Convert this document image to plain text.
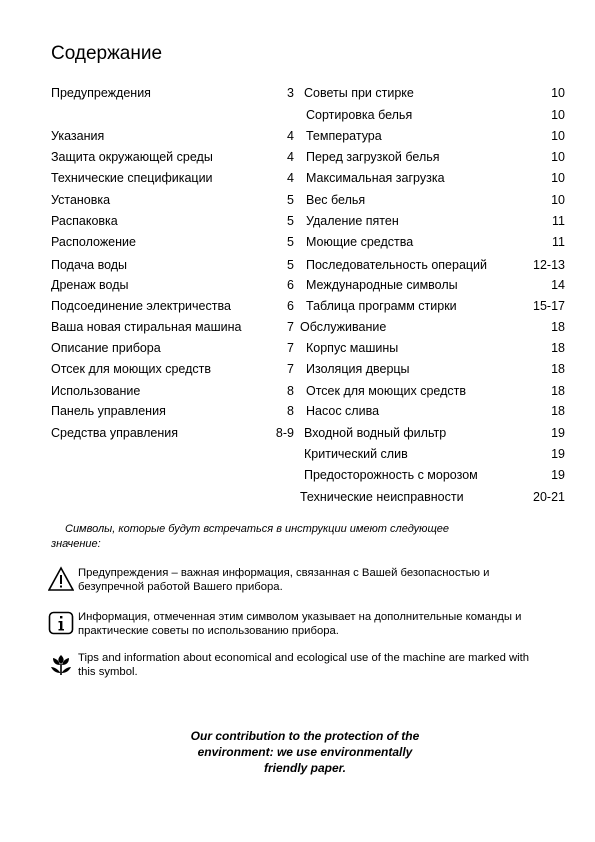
Содержание
Предупреждения	3
Указания	4
Защита окружающей среды	4
Технические спецификации	4
Установка	5
Распаковка	5
Расположение	5
Подача воды	5
Дренаж воды	6
Подсоединение электричества	6
Ваша новая стиральная машина	7
Описание прибора	7
Отсек для моющих средств	7
Использование	8
Панель управления	8
Средства управления	8-9
Советы при стирке	10
Сортировка белья	10
Температура	10
Перед загрузкой белья	10
Максимальная загрузка	10
Вес белья	10
Удаление пятен	11
Моющие средства	11
Последовательность операций	12-13
Международные символы	14
Таблица программ стирки	15-17
Обслуживание	18
Корпус машины	18
Изоляция дверцы	18
Отсек для моющих средств	18
Насос слива	18
Входной водный фильтр	19
Критический слив	19
Предосторожность с морозом	19
Технические неисправности	20-21
Символы, которые будут встречаться в инструкции имеют следующее
значение:
Предупреждения – важная информация, связанная с Вашей безопасностью и
безупречной работой Вашего прибора.
Информация, отмеченная этим символом указывает на дополнительные команды и
практические советы по использованию прибора.
Tips and information about economical and ecological use of the machine are marked with
this symbol.
Our contribution to the protection of the
environment: we use environmentally
friendly paper.
